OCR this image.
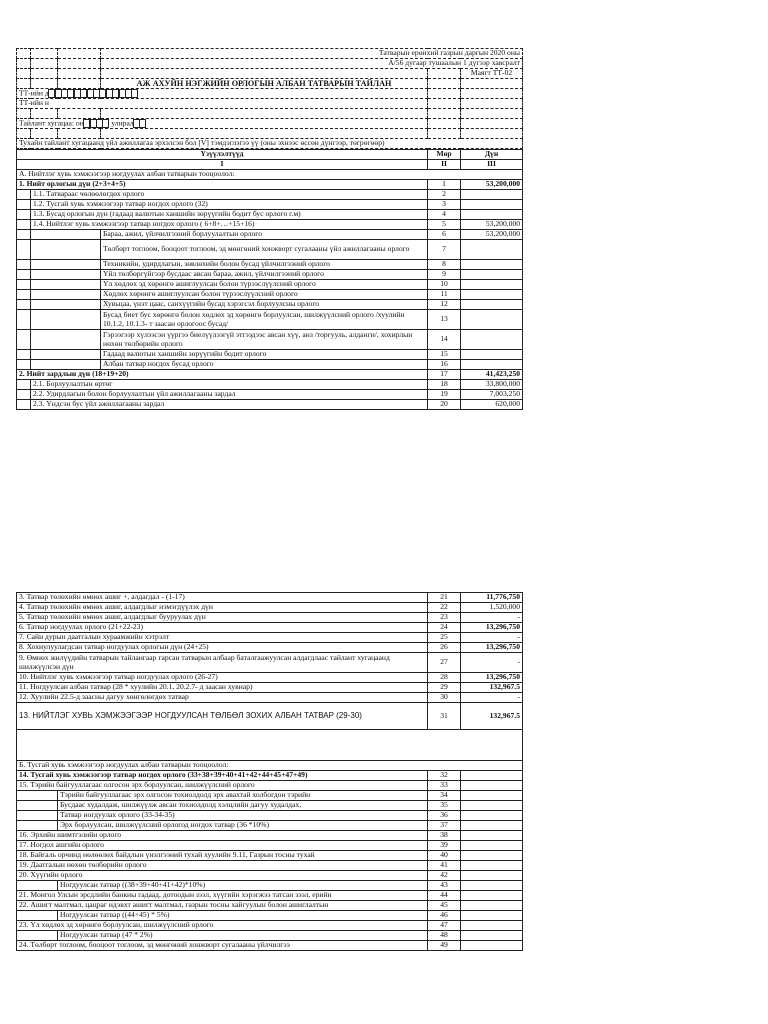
			Татварын ерөнхий газрын даргын 2020 оны		
			А/56 дугаар тушаалын 1 дүгээр хавсралт		
					Маягт ТТ-02
			АЖ АХУЙН НЭГЖИЙН ОРЛОГЫН АЛБАН ТАТВАРЫН ТАЙЛАН		
ТТ-ийн д					
ТТ-ийн н					

Тайлант хугацаа: он улирал					

Тухайн тайлант хугацаанд үйл ажиллагаа эрхэлсэн бол [V] тэмдэглэгээ үү (оны эхнээс өссөн дүнгээр, төгрөгөөр)					
Үзүүлэлтүүд			Мөр	Дүн
I			II	III
А. Нийтлэг хувь хэмжээгээр ногдуулах албан татварын тооцоолол:				
1. Нийт орлогын дүн (2+3+4+5)			1	53,200,000
	1.1. Татвараас чөлөөлөгдөх орлого		2	
	1.2. Тусгай хувь хэмжээгээр татвар ногдох орлого (32)		3	
	1.3. Бусад орлогын дүн (гадаад валютын ханшийн зөрүүгийн бодит бус орлого г.м)		4	
	1.4. Нийтлэг хувь хэмжээгээр татвар ногдох орлого ( 6+8+…+15+16)		5	53,200,000
		Бараа, ажил, үйлчилгээний борлуулалтын орлого	6	53,200,000
		Төлбөрт тоглоом, бооцоот тоглоом, эд мөнгөний хонжворт сугалааны үйл ажиллагааны орлого	7	
		Техникийн, удирдлагын, зөвлөхийн болон бусад үйлчилгээний орлого	8	
		Үйл төлбөргүйгээр бусдаас авсан бараа, ажил, үйлчилгээний орлого	9	
		Үл хөдлөх эд хөрөнгө ашиглуулсан болон түрээслүүлсний орлого	10	
		Хөдлөх хөрөнгө ашиглуулсан болон түрээслүүлсний орлого	11	
		Хувьцаа, үнэт цаас, санхүүгийн бусад хэрэгсэл борлуулсны орлого	12	
		Бусад биет бус хөрөнгө болон хөдлөх эд хөрөнгө борлуулсан, шилжүүлсний орлого /хуулийн 10.1.2, 10.1.3- т заасан орлогоос бусад/	13	
		Гэрээгээр хүлээсэн үүргээ биелүүлээгүй этгээдээс авсан хүү, анз /торгууль, алданги/, хохирлын нөхөн төлбөрийн орлого	14	
		Гадаад валютын ханшийн зөрүүгийн бодит орлого	15	
		Албан татвар ногдох бусад орлого	16	
2. Нийт зардлын дүн (18+19+20)			17	41,423,250
	2.1. Борлуулалтын өртөг		18	33,800,000
	2.2. Удирдлагын болон борлуулалтын үйл ажиллагааны зардал		19	7,003,250
	2.3. Үндсэн бус үйл ажиллагааны зардал		20	620,000
3. Татвар төлөхийн өмнөх ашиг +, алдагдал - (1-17)		21	11,776,750
4. Татвар төлөхийн өмнөх ашиг, алдагдлыг нэмэгдүүлэх дүн		22	1,520,000
5. Татвар төлөхийн өмнөх ашиг, алдагдлыг бууруулах дүн		23	-
6. Татвар ногдуулах орлого (21+22-23)		24	13,296,750
7. Сайн дурын даатгалын хураамжийн хэтрэлт		25	-
8. Хохиулуулагдсан татвар ногдуулах орлогын дүн (24+25)		26	13,296,750
9. Өмнөх жилүүдийн татварын тайлангаар гарсан татварын албаар баталгаажуулсан алдагдлаас тайлант хугацаанд шилжүүлсэн дүн		27	-
10. Нийтлэг хувь хэмжээгээр татвар ногдуулах орлого (26-27)		28	13,296,750
11. Ногдуулсан албан татвар (28 * хуулийн 20.1, 20.2.7- д заасан хувиар)		29	132,967.5
12. Хуулийн 22.5-д заасны дагуу хөнгөлөгдөх татвар		30	-
13. НИЙТЛЭГ ХУВЬ ХЭМЖЭЭГЭЭР НОГДУУЛСАН ТӨЛБӨЛ ЗОХИХ АЛБАН ТАТВАР (29-30)		31	132,967.5

Б. Тусгай хувь хэмжээгээр ногдуулах албан татварын тооцоолол:			
14. Тусгай хувь хэмжээгээр татвар ногдох орлого (33+38+39+40+41+42+44+45+47+49)		32	
15. Тэрийн байгууллагаас олгосон эрх борлуулсан, шилжүүлсний орлого		33	
	Тэрийн байгууллагаас эрх олгосон тохиолдолд эрх авахтай холбогдон тэрийн	34	
	Бусдаас худалдаж, шилжүүлж авсан тохиолдолд хэлцлийн дагуу худалдах,	35	
	Татвар ногдуулах орлого (33-34-35)	36	
	Эрх борлуулсан, шилжүүлсний орлогод ногдох татвар (36 *10%)	37	
16. Эрхийн шимтгэлийн орлого		38	
17. Ногдол ашгийн орлого		39	
18. Байгаль орчинд нөлөөлөх байдлын үнэлгээний тухай хуулийн 9.11, Газрын тосны тухай		40	
19. Даатгалын нөхөн төлбөрийн орлого		41	
20. Хүүгийн орлого		42	
	Ногдуулсан татвар ((38+39+40+41+42)*10%)	43	
21. Монгол Улсын эрсдлийн банкны гадаад, дотоодын зээл, хүүгийн хэрэгжээ татсан зээл, ерийн		44	
22. Ашигт малтмал, цацраг идэвхт ашигт малтмал, газрын тосны хайгуулын болон ашиглалтын		45	
	Ногдуулсан татвар ((44+45) * 5%)	46	
23. Үл хөдлөх эд хөрөнгө борлуулсан, шилжүүлсний орлого		47	
	Ногдуулсан татвар (47 * 2%)	48	
24. Төлбөрт тоглоом, бооцоот тоглоом, эд мөнгөний хонжворт сугалааны үйлчилгээ		49	
